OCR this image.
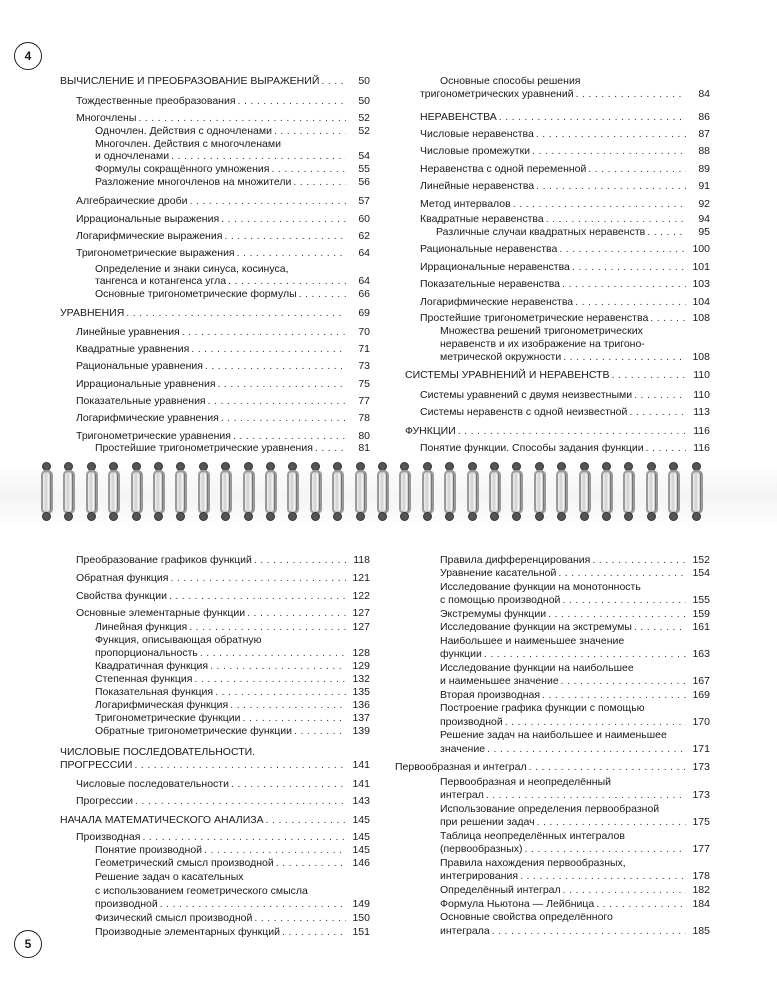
4
5
ВЫЧИСЛЕНИЕ И ПРЕОБРАЗОВАНИЕ ВЫРАЖЕНИЙ . . .	50
Тождественные преобразования . . .	50
Многочлены . . .	52
Одночлен. Действия с одночленами . . .	52
Многочлен. Действия с многочленами
и одночленами . . .	54
Формулы сокращённого умножения . . .	55
Разложение многочленов на множители . . .	56
Алгебраические дроби . . .	57
Иррациональные выражения . . .	60
Логарифмические выражения . . .	62
Тригонометрические выражения . . .	64
Определение и знаки синуса, косинуса,
тангенса и котангенса угла . . .	64
Основные тригонометрические формулы . . .	66
УРАВНЕНИЯ . . .	69
Линейные уравнения . . .	70
Квадратные уравнения . . .	71
Рациональные уравнения . . .	73
Иррациональные уравнения . . .	75
Показательные уравнения . . .	77
Логарифмические уравнения . . .	78
Тригонометрические уравнения . . .	80
Простейшие тригонометрические уравнения . . .	81
Основные способы решения
тригонометрических уравнений . . .	84
НЕРАВЕНСТВА . . .	86
Числовые неравенства . . .	87
Числовые промежутки . . .	88
Неравенства с одной переменной . . .	89
Линейные неравенства . . .	91
Метод интервалов . . .	92
Квадратные неравенства . . .	94
Различные случаи квадратных неравенств . . .	95
Рациональные неравенства . . .	100
Иррациональные неравенства . . .	101
Показательные неравенства . . .	103
Логарифмические неравенства . . .	104
Простейшие тригонометрические неравенства . . .	108
Множества решений тригонометрических
неравенств и их изображение на тригоно-
метрической окружности . . .	108
СИСТЕМЫ УРАВНЕНИЙ И НЕРАВЕНСТВ . . .	110
Системы уравнений с двумя неизвестными . . .	110
Системы неравенств с одной неизвестной . . .	113
ФУНКЦИИ . . .	116
Понятие функции. Способы задания функции . . .	116
Преобразование графиков функций . . .	118
Обратная функция . . .	121
Свойства функции . . .	122
Основные элементарные функции . . .	127
Линейная функция . . .	127
Функция, описывающая обратную
пропорциональность . . .	128
Квадратичная функция . . .	129
Степенная функция . . .	132
Показательная функция . . .	135
Логарифмическая функция . . .	136
Тригонометрические функции . . .	137
Обратные тригонометрические функции . . .	139
ЧИСЛОВЫЕ ПОСЛЕДОВАТЕЛЬНОСТИ.
ПРОГРЕССИИ . . .	141
Числовые последовательности . . .	141
Прогрессии . . .	143
НАЧАЛА МАТЕМАТИЧЕСКОГО АНАЛИЗА . . .	145
Производная . . .	145
Понятие производной . . .	145
Геометрический смысл производной . . .	146
Решение задач о касательных
с использованием геометрического смысла
производной . . .	149
Физический смысл производной . . .	150
Производные элементарных функций . . .	151
Правила дифференцирования . . .	152
Уравнение касательной . . .	154
Исследование функции на монотонность
с помощью производной . . .	155
Экстремумы функции . . .	159
Исследование функции на экстремумы . . .	161
Наибольшее и наименьшее значение
функции . . .	163
Исследование функции на наибольшее
и наименьшее значение . . .	167
Вторая производная . . .	169
Построение графика функции с помощью
производной . . .	170
Решение задач на наибольшее и наименьшее
значение . . .	171
Первообразная и интеграл . . .	173
Первообразная и неопределённый
интеграл . . .	173
Использование определения первообразной
при решении задач . . .	175
Таблица неопределённых интегралов
(первообразных) . . .	177
Правила нахождения первообразных,
интегрирования . . .	178
Определённый интеграл . . .	182
Формула Ньютона — Лейбница . . .	184
Основные свойства определённого
интеграла . . .	185
